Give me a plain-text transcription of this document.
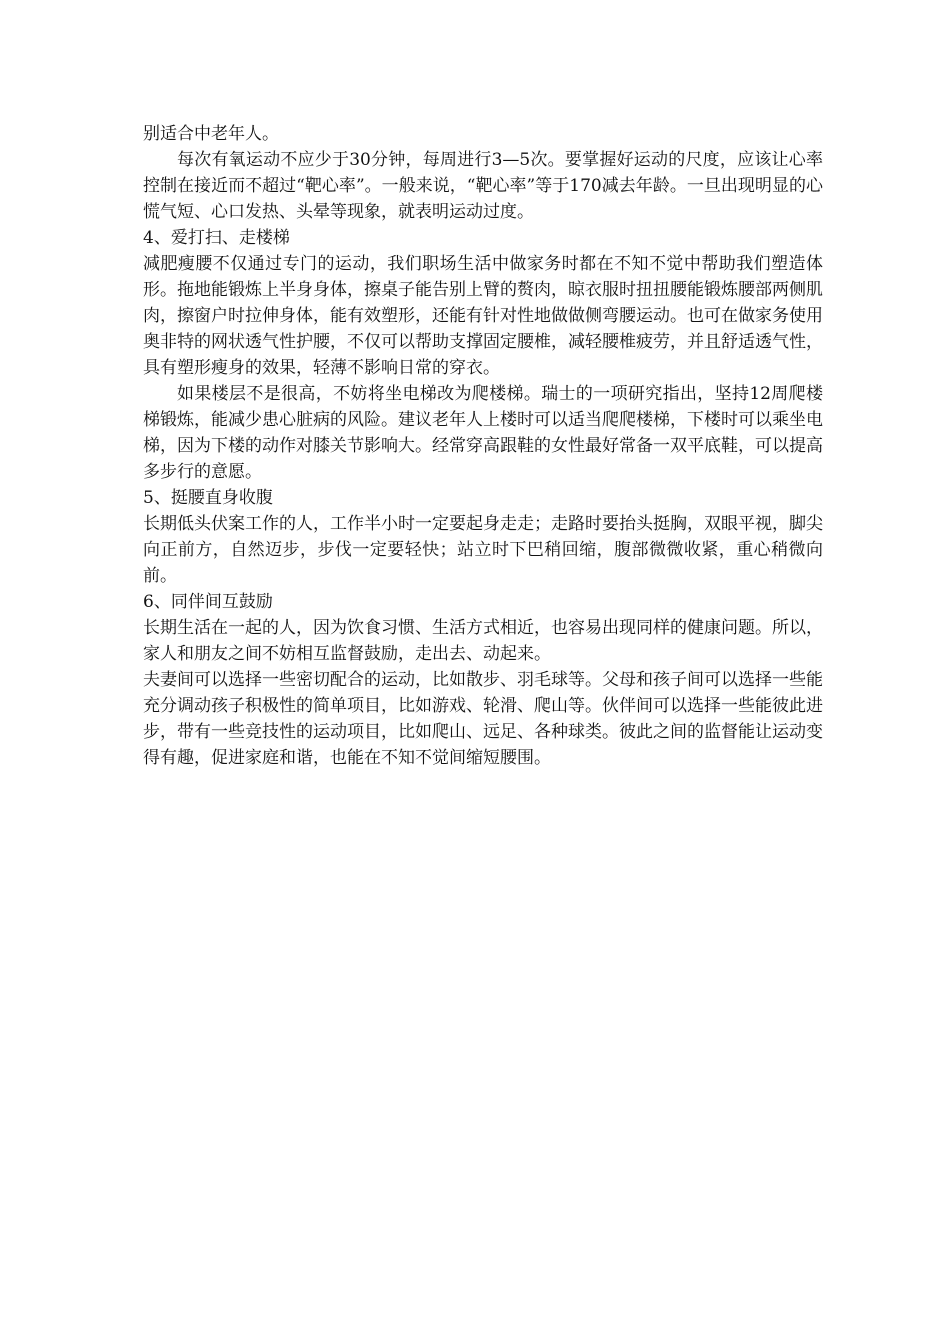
别适合中老年人。

每次有氧运动不应少于30分钟，每周进行3—5次。要掌握好运动的尺度，应该让心率控制在接近而不超过“靶心率”。一般来说，“靶心率”等于170减去年龄。一旦出现明显的心慌气短、心口发热、头晕等现象，就表明运动过度。

4、爱打扫、走楼梯

减肥瘦腰不仅通过专门的运动，我们职场生活中做家务时都在不知不觉中帮助我们塑造体形。拖地能锻炼上半身身体，擦桌子能告别上臂的赘肉，晾衣服时扭扭腰能锻炼腰部两侧肌肉，擦窗户时拉伸身体，能有效塑形，还能有针对性地做做侧弯腰运动。也可在做家务使用奥非特的网状透气性护腰，不仅可以帮助支撑固定腰椎，减轻腰椎疲劳，并且舒适透气性，具有塑形瘦身的效果，轻薄不影响日常的穿衣。

如果楼层不是很高，不妨将坐电梯改为爬楼梯。瑞士的一项研究指出，坚持12周爬楼梯锻炼，能减少患心脏病的风险。建议老年人上楼时可以适当爬爬楼梯，下楼时可以乘坐电梯，因为下楼的动作对膝关节影响大。经常穿高跟鞋的女性最好常备一双平底鞋，可以提高多步行的意愿。

5、挺腰直身收腹

长期低头伏案工作的人，工作半小时一定要起身走走；走路时要抬头挺胸，双眼平视，脚尖向正前方，自然迈步，步伐一定要轻快；站立时下巴稍回缩，腹部微微收紧，重心稍微向前。

6、同伴间互鼓励

长期生活在一起的人，因为饮食习惯、生活方式相近，也容易出现同样的健康问题。所以，家人和朋友之间不妨相互监督鼓励，走出去、动起来。

夫妻间可以选择一些密切配合的运动，比如散步、羽毛球等。父母和孩子间可以选择一些能充分调动孩子积极性的简单项目，比如游戏、轮滑、爬山等。伙伴间可以选择一些能彼此进步，带有一些竞技性的运动项目，比如爬山、远足、各种球类。彼此之间的监督能让运动变得有趣，促进家庭和谐，也能在不知不觉间缩短腰围。
